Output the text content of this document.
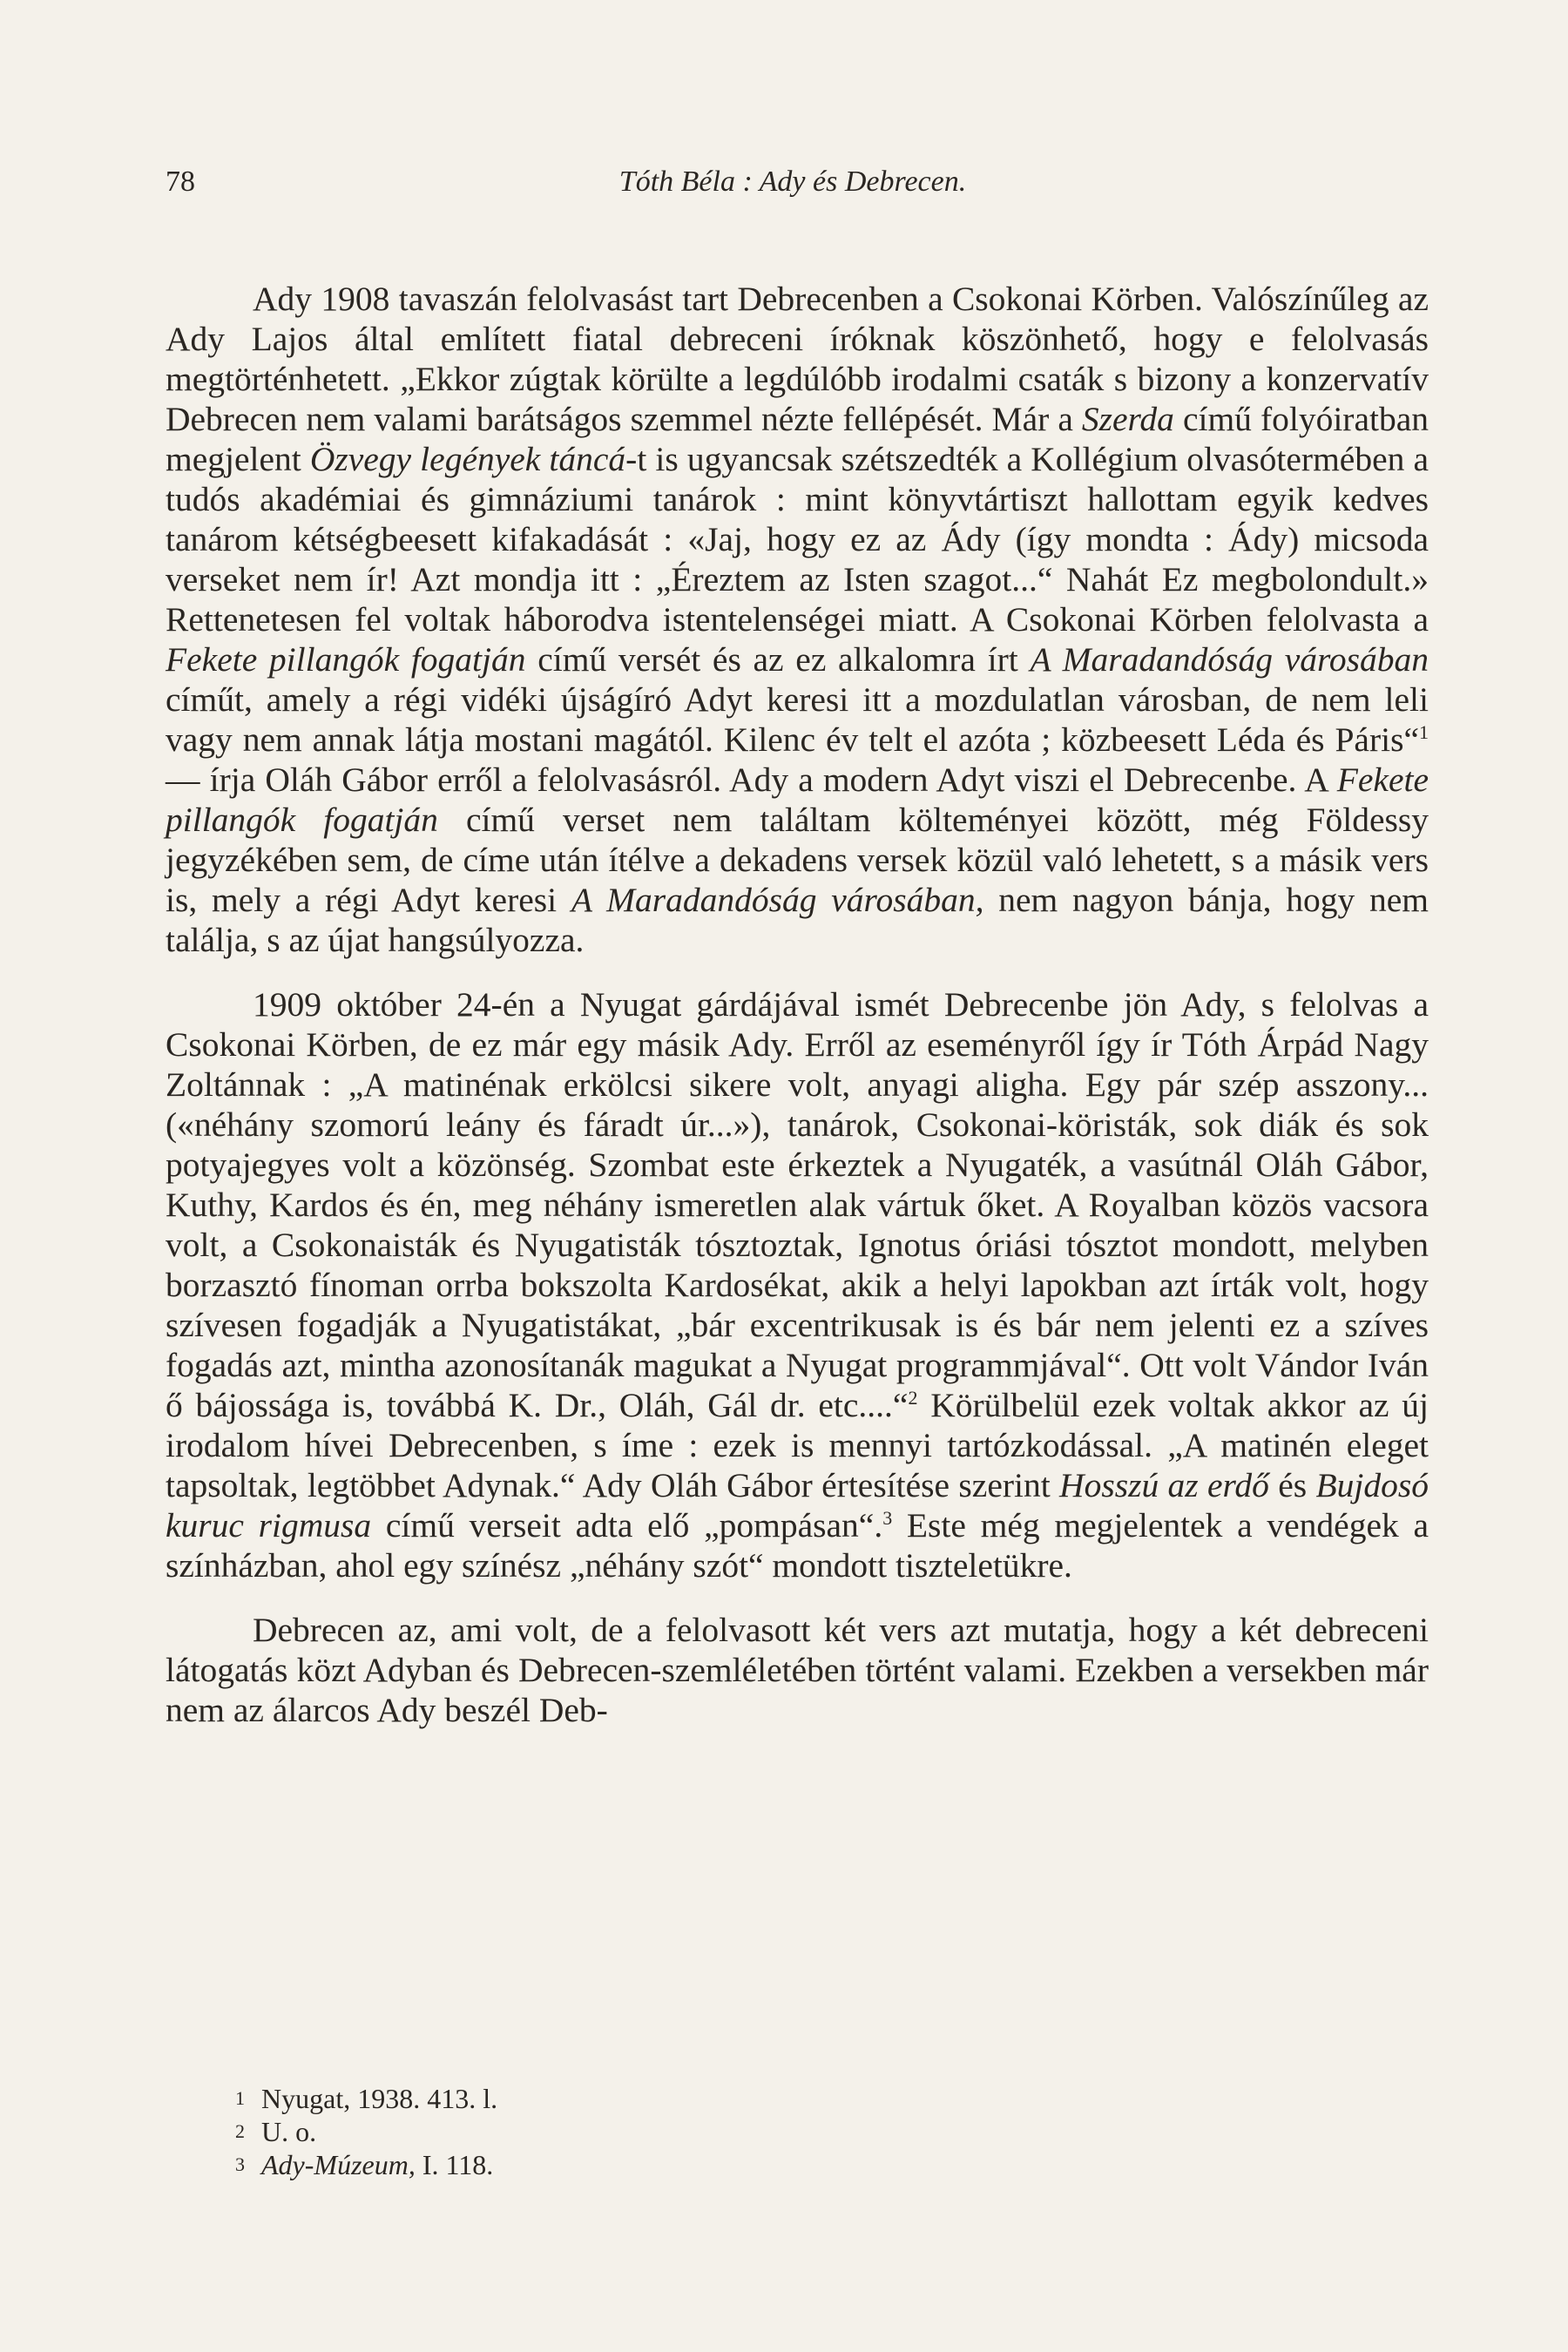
78	Tóth Béla : Ady és Debrecen.

Ady 1908 tavaszán felolvasást tart Debrecenben a Csokonai Körben. Valószínűleg az Ady Lajos által említett fiatal debreceni íróknak köszönhető, hogy e felolvasás megtörténhetett. „Ekkor zúgtak körülte a legdúlóbb irodalmi csaták s bizony a konzervatív Debrecen nem valami barátságos szemmel nézte fellépését. Már a Szerda című folyóiratban megjelent Özvegy legények táncá-t is ugyancsak szétszedték a Kollégium olvasótermében a tudós akadémiai és gimnáziumi tanárok : mint könyvtártiszt hallottam egyik kedves tanárom kétségbeesett kifakadását : «Jaj, hogy ez az Ády (így mondta : Ády) micsoda verseket nem ír! Azt mondja itt : „Éreztem az Isten szagot...“ Nahát Ez megbolondult.» Rettenetesen fel voltak háborodva istentelenségei miatt. A Csokonai Körben felolvasta a Fekete pillangók fogatján című versét és az ez alkalomra írt A Maradandóság városában címűt, amely a régi vidéki újságíró Adyt keresi itt a mozdulatlan városban, de nem leli vagy nem annak látja mostani magától. Kilenc év telt el azóta ; közbeesett Léda és Páris“$^1$ — írja Oláh Gábor erről a felolvasásról. Ady a modern Adyt viszi el Debrecenbe. A Fekete pillangók fogatján című verset nem találtam költeményei között, még Földessy jegyzékében sem, de címe után ítélve a dekadens versek közül való lehetett, s a másik vers is, mely a régi Adyt keresi A Maradandóság városában, nem nagyon bánja, hogy nem találja, s az újat hangsúlyozza.

1909 október 24-én a Nyugat gárdájával ismét Debrecenbe jön Ady, s felolvas a Csokonai Körben, de ez már egy másik Ady. Erről az eseményről így ír Tóth Árpád Nagy Zoltánnak : „A matinénak erkölcsi sikere volt, anyagi aligha. Egy pár szép asszony... («néhány szomorú leány és fáradt úr...»), tanárok, Csokonai-köristák, sok diák és sok potyajegyes volt a közönség. Szombat este érkeztek a Nyugaték, a vasútnál Oláh Gábor, Kuthy, Kardos és én, meg néhány ismeretlen alak vártuk őket. A Royalban közös vacsora volt, a Csokonaisták és Nyugatisták tósztoztak, Ignotus óriási tósztot mondott, melyben borzasztó fínoman orrba bokszolta Kardosékat, akik a helyi lapokban azt írták volt, hogy szívesen fogadják a Nyugatistákat, „bár excentrikusak is és bár nem jelenti ez a szíves fogadás azt, mintha azonosítanák magukat a Nyugat programmjával“. Ott volt Vándor Iván ő bájossága is, továbbá K. Dr., Oláh, Gál dr. etc....“$^2$ Körülbelül ezek voltak akkor az új irodalom hívei Debrecenben, s íme : ezek is mennyi tartózkodással. „A matinén eleget tapsoltak, legtöbbet Adynak.“ Ady Oláh Gábor értesítése szerint Hosszú az erdő és Bujdosó kuruc rigmusa című verseit adta elő „pompásan“.$^3$ Este még megjelentek a vendégek a színházban, ahol egy színész „néhány szót“ mondott tiszteletükre.

Debrecen az, ami volt, de a felolvasott két vers azt mutatja, hogy a két debreceni látogatás közt Adyban és Debrecen-szemléletében történt valami. Ezekben a versekben már nem az álarcos Ady beszél Deb-

1 Nyugat, 1938. 413. l.
2 U. o.
3 Ady-Múzeum, I. 118.
